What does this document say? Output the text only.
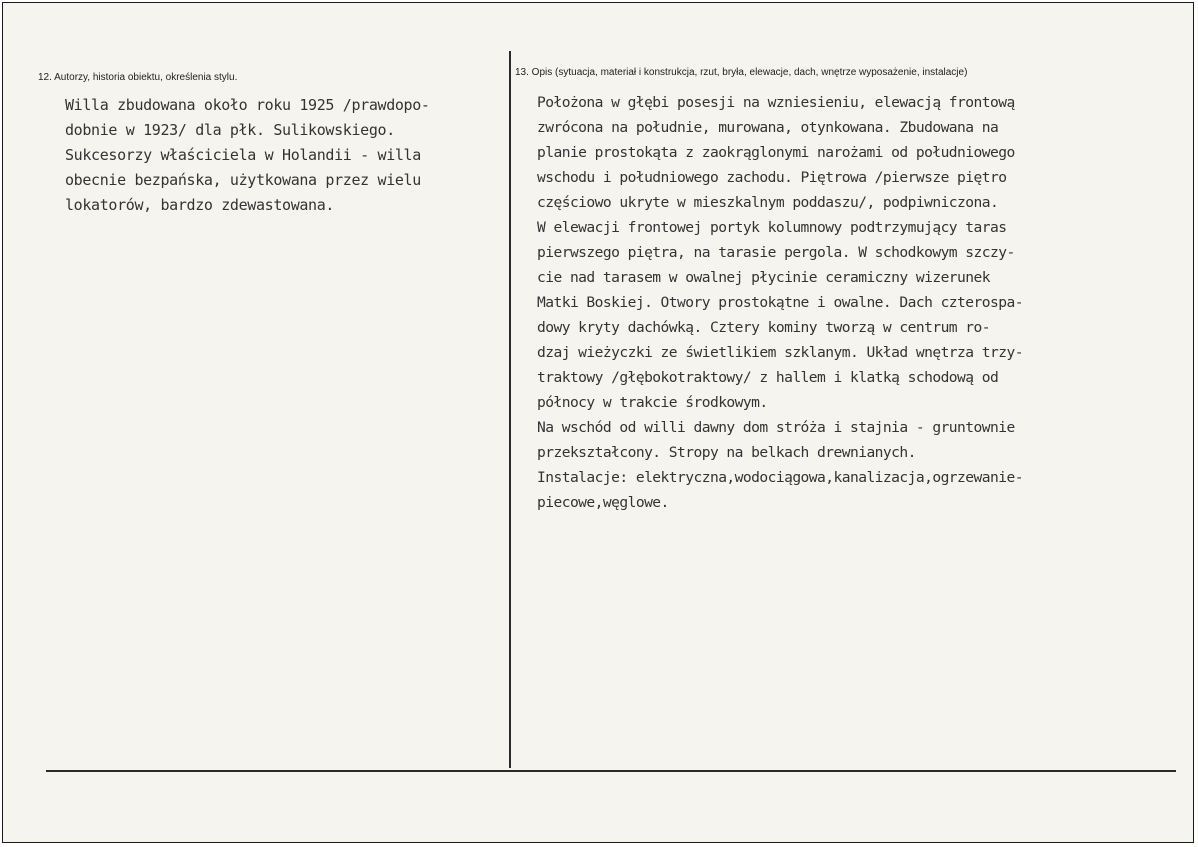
12. Autorzy, historia obiektu, określenia stylu.
Willa zbudowana około roku 1925 /prawdopo-
dobnie w 1923/ dla płk. Sulikowskiego.
Sukcesorzy właściciela w Holandii - willa
obecnie bezpańska, użytkowana przez wielu
lokatorów, bardzo zdewastowana.
13. Opis (sytuacja, materiał i konstrukcja, rzut, bryła, elewacje, dach, wnętrze wyposażenie, instalacje)
Położona w głębi posesji na wzniesieniu, elewacją frontową
zwrócona na południe, murowana, otynkowana. Zbudowana na
planie prostokąta z zaokrąglonymi narożami od południowego
wschodu i południowego zachodu. Piętrowa /pierwsze piętro
częściowo ukryte w mieszkalnym poddaszu/, podpiwniczona.
W elewacji frontowej portyk kolumnowy podtrzymujący taras
pierwszego piętra, na tarasie pergola. W schodkowym szczy-
cie nad tarasem w owalnej płycinie ceramiczny wizerunek
Matki Boskiej. Otwory prostokątne i owalne. Dach czterospa-
dowy kryty dachówką. Cztery kominy tworzą w centrum ro-
dzaj wieżyczki ze świetlikiem szklanym. Układ wnętrza trzy-
traktowy /głębokotraktowy/ z hallem i klatką schodową od
północy w trakcie środkowym.
Na wschód od willi dawny dom stróża i stajnia - gruntownie
przekształcony. Stropy na belkach drewnianych.
Instalacje: elektryczna,wodociągowa,kanalizacja,ogrzewanie-
piecowe,węglowe.
